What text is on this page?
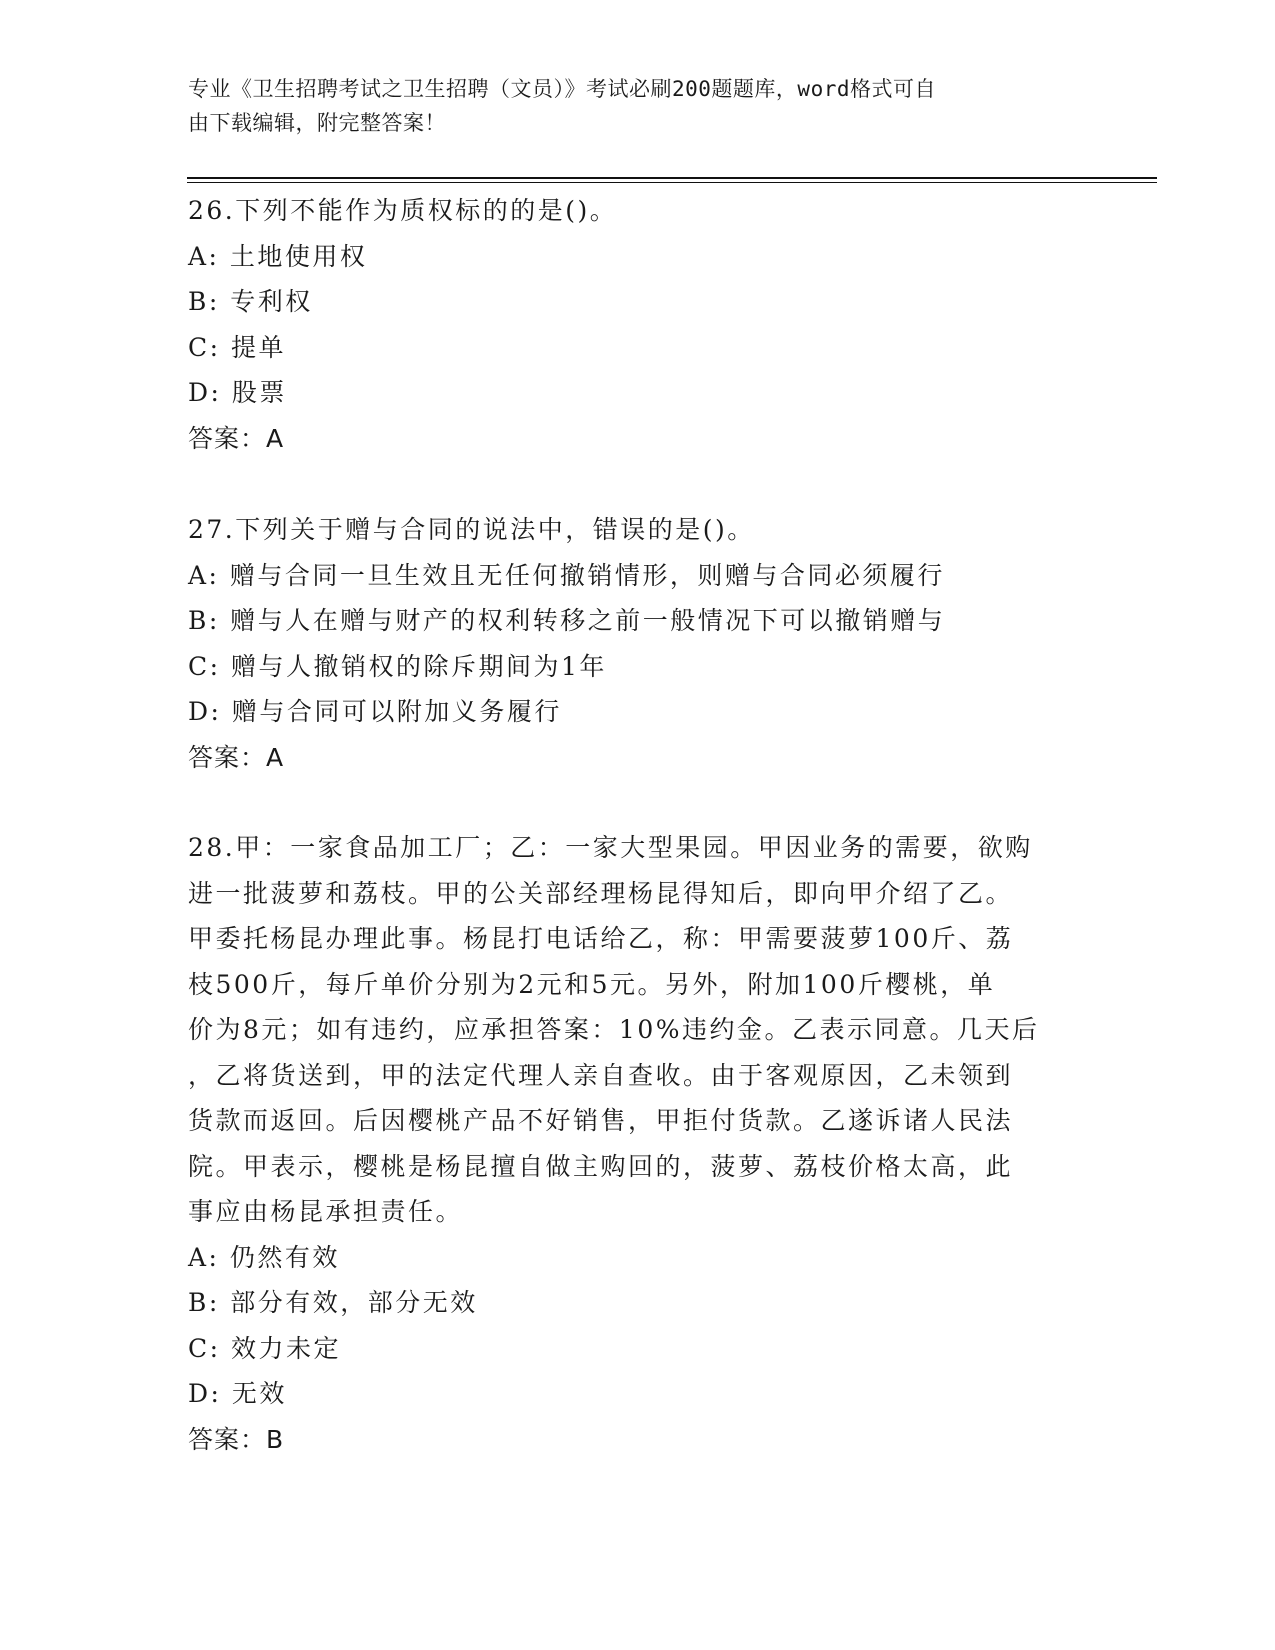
专业《卫生招聘考试之卫生招聘（文员）》考试必刷200题题库，word格式可自
由下载编辑，附完整答案！

26.下列不能作为质权标的的是()。

A: 土地使用权

B: 专利权

C: 提单

D: 股票

答案：A

27.下列关于赠与合同的说法中，错误的是()。

A: 赠与合同一旦生效且无任何撤销情形，则赠与合同必须履行

B: 赠与人在赠与财产的权利转移之前一般情况下可以撤销赠与

C: 赠与人撤销权的除斥期间为1年

D: 赠与合同可以附加义务履行

答案：A

28.甲：一家食品加工厂；乙：一家大型果园。甲因业务的需要，欲购

进一批菠萝和荔枝。甲的公关部经理杨昆得知后，即向甲介绍了乙。

甲委托杨昆办理此事。杨昆打电话给乙，称：甲需要菠萝100斤、荔

枝500斤，每斤单价分别为2元和5元。另外，附加100斤樱桃，单

价为8元；如有违约，应承担答案：10%违约金。乙表示同意。几天后

，乙将货送到，甲的法定代理人亲自查收。由于客观原因，乙未领到

货款而返回。后因樱桃产品不好销售，甲拒付货款。乙遂诉诸人民法

院。甲表示，樱桃是杨昆擅自做主购回的，菠萝、荔枝价格太高，此

事应由杨昆承担责任。

A: 仍然有效

B: 部分有效，部分无效

C: 效力未定

D: 无效

答案：B
